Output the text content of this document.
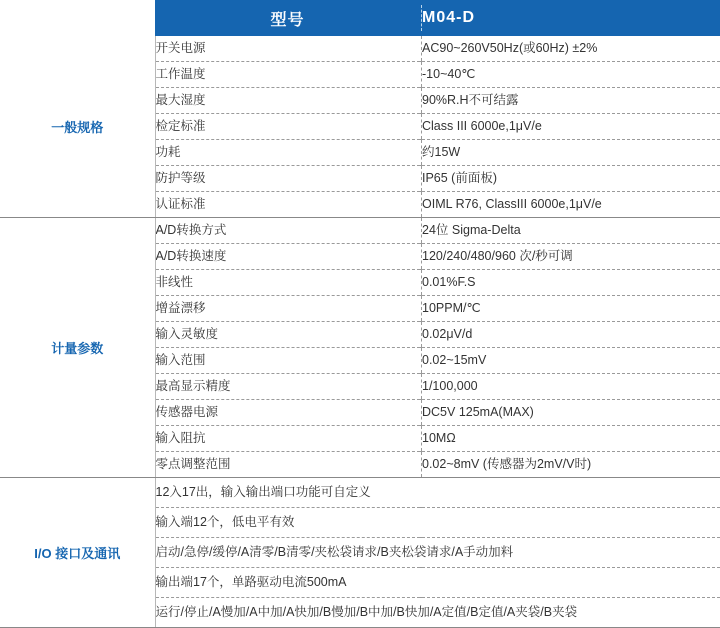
	型号		M04-D
一般规格	开关电源		AC90~260V50Hz(或60Hz) ±2%
	工作温度		-10~40℃
	最大湿度		90%R.H不可结露
	检定标准		Class III 6000e,1μV/e
	功耗		约15W
	防护等级		IP65 (前面板)
	认证标准		OIML R76, ClassIII 6000e,1μV/e
计量参数	A/D转换方式		24位 Sigma-Delta
	A/D转换速度		120/240/480/960 次/秒可调
	非线性		0.01%F.S
	增益漂移		10PPM/℃
	输入灵敏度		0.02μV/d
	输入范围		0.02~15mV
	最高显示精度		1/100,000
	传感器电源		DC5V 125mA(MAX)
	输入阻抗		10MΩ
	零点调整范围		0.02~8mV (传感器为2mV/V时)
I/O 接口及通讯	12入17出，输入输出端口功能可自定义		
	输入端12个，低电平有效		
	启动/急停/缓停/A清零/B清零/夹松袋请求/B夹松袋请求/A手动加料		
	输出端17个，单路驱动电流500mA		
	运行/停止/A慢加/A中加/A快加/B慢加/B中加/B快加/A定值/B定值/A夹袋/B夹袋		
